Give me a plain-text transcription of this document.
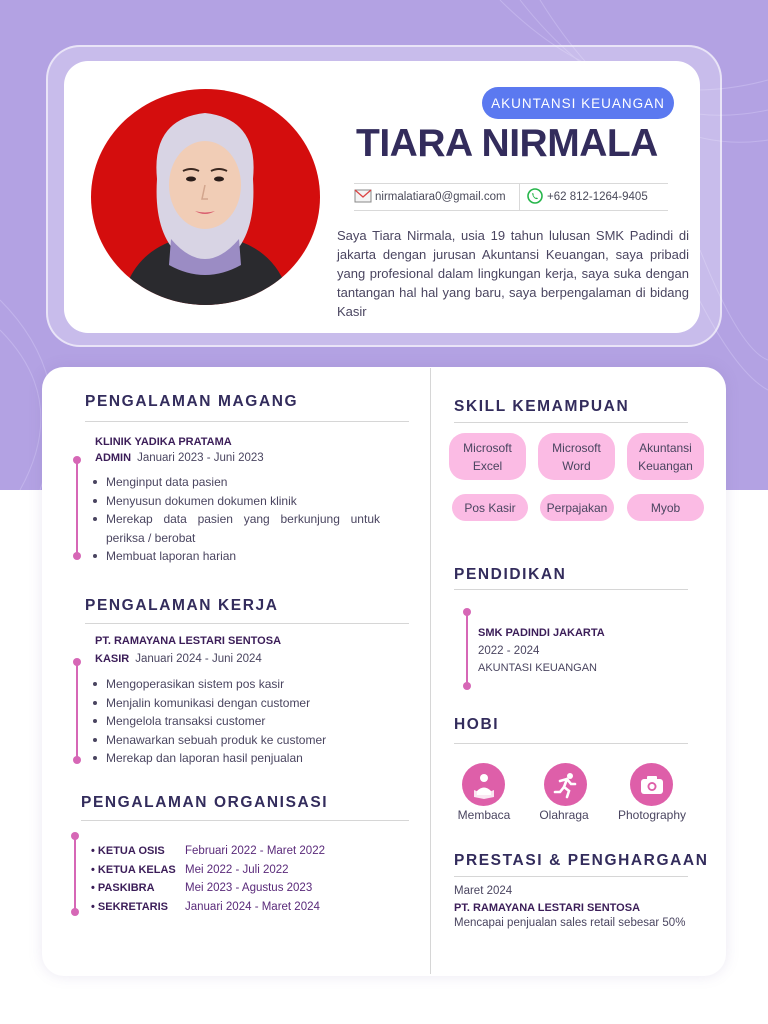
AKUNTANSI KEUANGAN
TIARA NIRMALA
nirmalatiara0@gmail.com	+62 812-1264-9405

Saya Tiara Nirmala, usia 19 tahun lulusan SMK Padindi di jakarta dengan jurusan Akuntansi Keuangan, saya pribadi yang profesional dalam lingkungan kerja, saya suka dengan tantangan hal hal yang baru, saya berpengalaman di bidang Kasir

PENGALAMAN MAGANG
KLINIK YADIKA PRATAMA
ADMIN Januari 2023 - Juni 2023
Menginput data pasien
Menyusun dokumen dokumen klinik
Merekap data pasien yang berkunjung untuk periksa / berobat
Membuat laporan harian
PENGALAMAN KERJA
PT. RAMAYANA LESTARI SENTOSA
KASIR Januari 2024 - Juni 2024
Mengoperasikan sistem pos kasir
Menjalin komunikasi dengan customer
Mengelola transaksi customer
Menawarkan sebuah produk ke customer
Merekap dan laporan hasil penjualan
PENGALAMAN ORGANISASI
• KETUA OSIS	Februari 2022 - Maret 2022
• KETUA KELAS Mei 2022 - Juli 2022
• PASKIBRA	Mei 2023 - Agustus 2023
• SEKRETARIS	Januari 2024 - Maret 2024
SKILL KEMAMPUAN
Microsoft Excel
Microsoft Word
Akuntansi Keuangan
Pos Kasir	Perpajakan	Myob
PENDIDIKAN
SMK PADINDI JAKARTA
2022 - 2024
AKUNTASI KEUANGAN
HOBI
Membaca	Olahraga	Photography
PRESTASI & PENGHARGAAN
Maret 2024
PT. RAMAYANA LESTARI SENTOSA
Mencapai penjualan sales retail sebesar 50%
